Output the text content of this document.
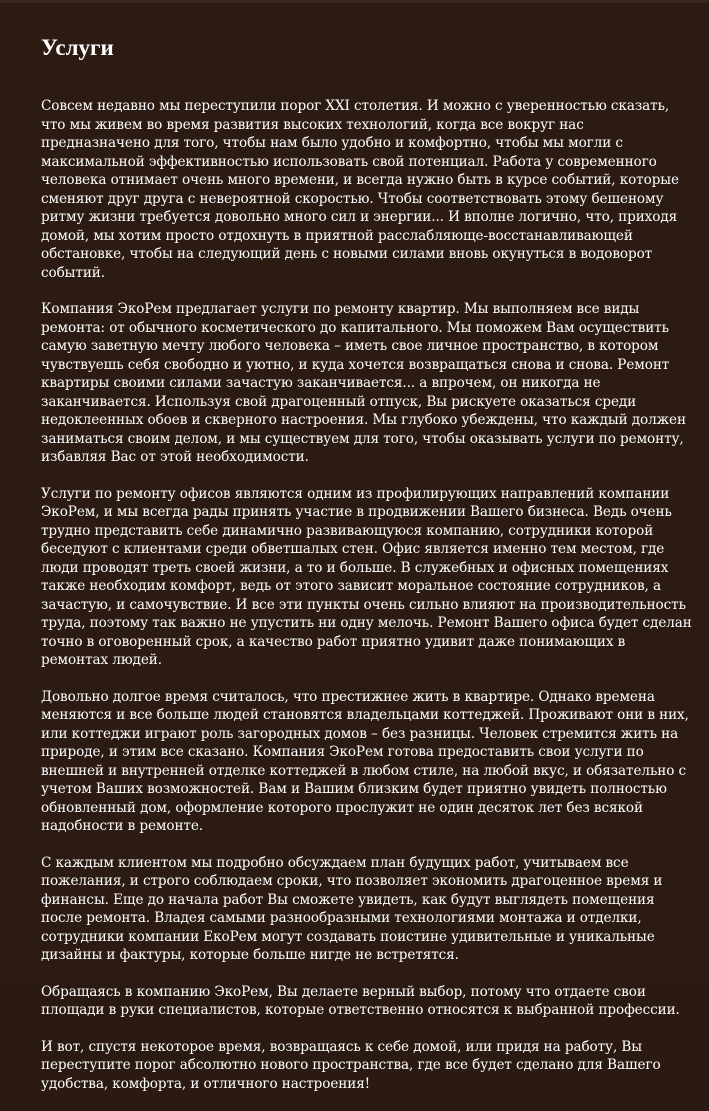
Услуги

Совсем недавно мы переступили порог XXI столетия. И можно с уверенностью сказать, что мы живем во время развития высоких технологий, когда все вокруг нас предназначено для того, чтобы нам было удобно и комфортно, чтобы мы могли с максимальной эффективностью использовать свой потенциал. Работа у современного человека отнимает очень много времени, и всегда нужно быть в курсе событий, которые сменяют друг друга с невероятной скоростью. Чтобы соответствовать этому бешеному ритму жизни требуется довольно много сил и энергии... И вполне логично, что, приходя домой, мы хотим просто отдохнуть в приятной расслабляюще-восстанавливающей обстановке, чтобы на следующий день с новыми силами вновь окунуться в водоворот событий.

Компания ЭкоРем предлагает услуги по ремонту квартир. Мы выполняем все виды ремонта: от обычного косметического до капитального. Мы поможем Вам осуществить самую заветную мечту любого человека – иметь свое личное пространство, в котором чувствуешь себя свободно и уютно, и куда хочется возвращаться снова и снова. Ремонт квартиры своими силами зачастую заканчивается... а впрочем, он никогда не заканчивается. Используя свой драгоценный отпуск, Вы рискуете оказаться среди недоклеенных обоев и скверного настроения. Мы глубоко убеждены, что каждый должен заниматься своим делом, и мы существуем для того, чтобы оказывать услуги по ремонту, избавляя Вас от этой необходимости.

Услуги по ремонту офисов являются одним из профилирующих направлений компании ЭкоРем, и мы всегда рады принять участие в продвижении Вашего бизнеса. Ведь очень трудно представить себе динамично развивающуюся компанию, сотрудники которой беседуют с клиентами среди обветшалых стен. Офис является именно тем местом, где люди проводят треть своей жизни, а то и больше. В служебных и офисных помещениях также необходим комфорт, ведь от этого зависит моральное состояние сотрудников, а зачастую, и самочувствие. И все эти пункты очень сильно влияют на производительность труда, поэтому так важно не упустить ни одну мелочь. Ремонт Вашего офиса будет сделан точно в оговоренный срок, а качество работ приятно удивит даже понимающих в ремонтах людей.

Довольно долгое время считалось, что престижнее жить в квартире. Однако времена меняются и все больше людей становятся владельцами коттеджей. Проживают они в них, или коттеджи играют роль загородных домов – без разницы. Человек стремится жить на природе, и этим все сказано. Компания ЭкоРем готова предоставить свои услуги по внешней и внутренней отделке коттеджей в любом стиле, на любой вкус, и обязательно с учетом Ваших возможностей. Вам и Вашим близким будет приятно увидеть полностью обновленный дом, оформление которого прослужит не один десяток лет без всякой надобности в ремонте.

С каждым клиентом мы подробно обсуждаем план будущих работ, учитываем все пожелания, и строго соблюдаем сроки, что позволяет экономить драгоценное время и финансы. Еще до начала работ Вы сможете увидеть, как будут выглядеть помещения после ремонта. Владея самыми разнообразными технологиями монтажа и отделки, сотрудники компании ЕкоРем могут создавать поистине удивительные и уникальные дизайны и фактуры, которые больше нигде не встретятся.

Обращаясь в компанию ЭкоРем, Вы делаете верный выбор, потому что отдаете свои площади в руки специалистов, которые ответственно относятся к выбранной профессии.

И вот, спустя некоторое время, возвращаясь к себе домой, или придя на работу, Вы переступите порог абсолютно нового пространства, где все будет сделано для Вашего удобства, комфорта, и отличного настроения!
